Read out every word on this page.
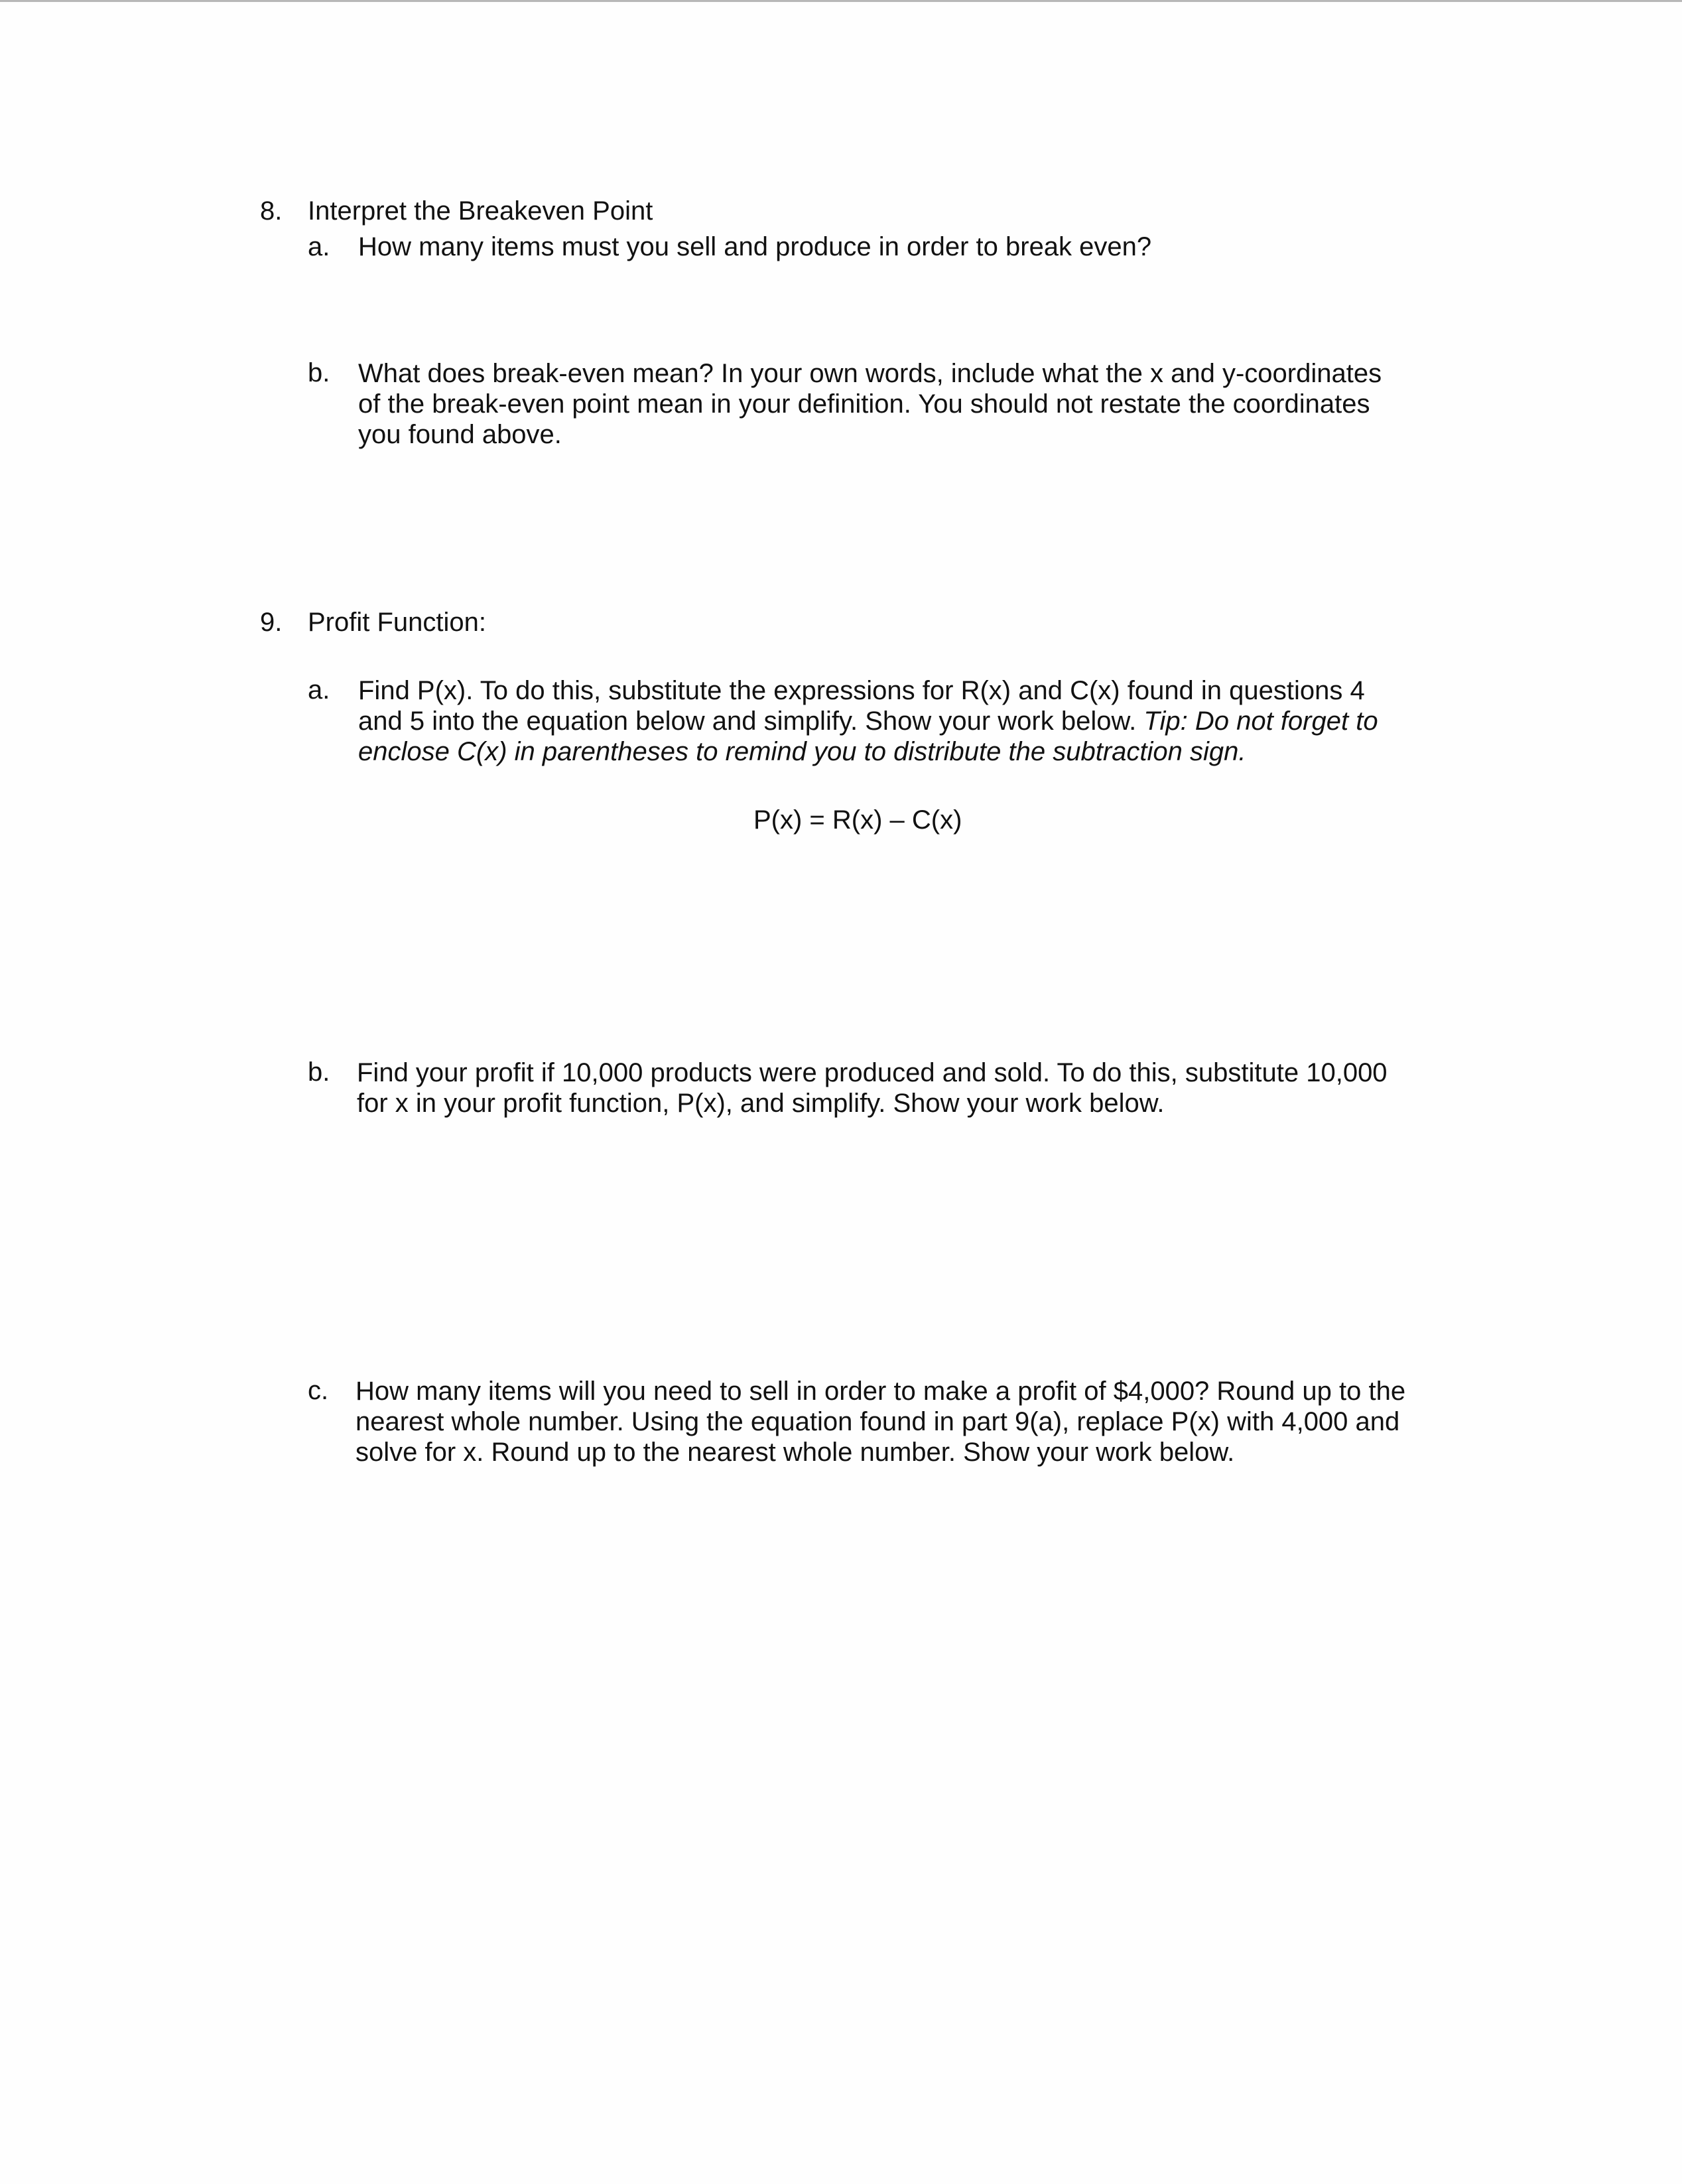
8. Interpret the Breakeven Point
a. How many items must you sell and produce in order to break even?
b. What does break-even mean? In your own words, include what the x and y-coordinates
of the break-even point mean in your definition. You should not restate the coordinates
you found above.
9. Profit Function:
a. Find P(x). To do this, substitute the expressions for R(x) and C(x) found in questions 4
and 5 into the equation below and simplify. Show your work below. Tip: Do not forget to
enclose C(x) in parentheses to remind you to distribute the subtraction sign.
P(x) = R(x) – C(x)
b. Find your profit if 10,000 products were produced and sold. To do this, substitute 10,000
for x in your profit function, P(x), and simplify. Show your work below.
c. How many items will you need to sell in order to make a profit of $4,000? Round up to the
nearest whole number. Using the equation found in part 9(a), replace P(x) with 4,000 and
solve for x. Round up to the nearest whole number. Show your work below.
